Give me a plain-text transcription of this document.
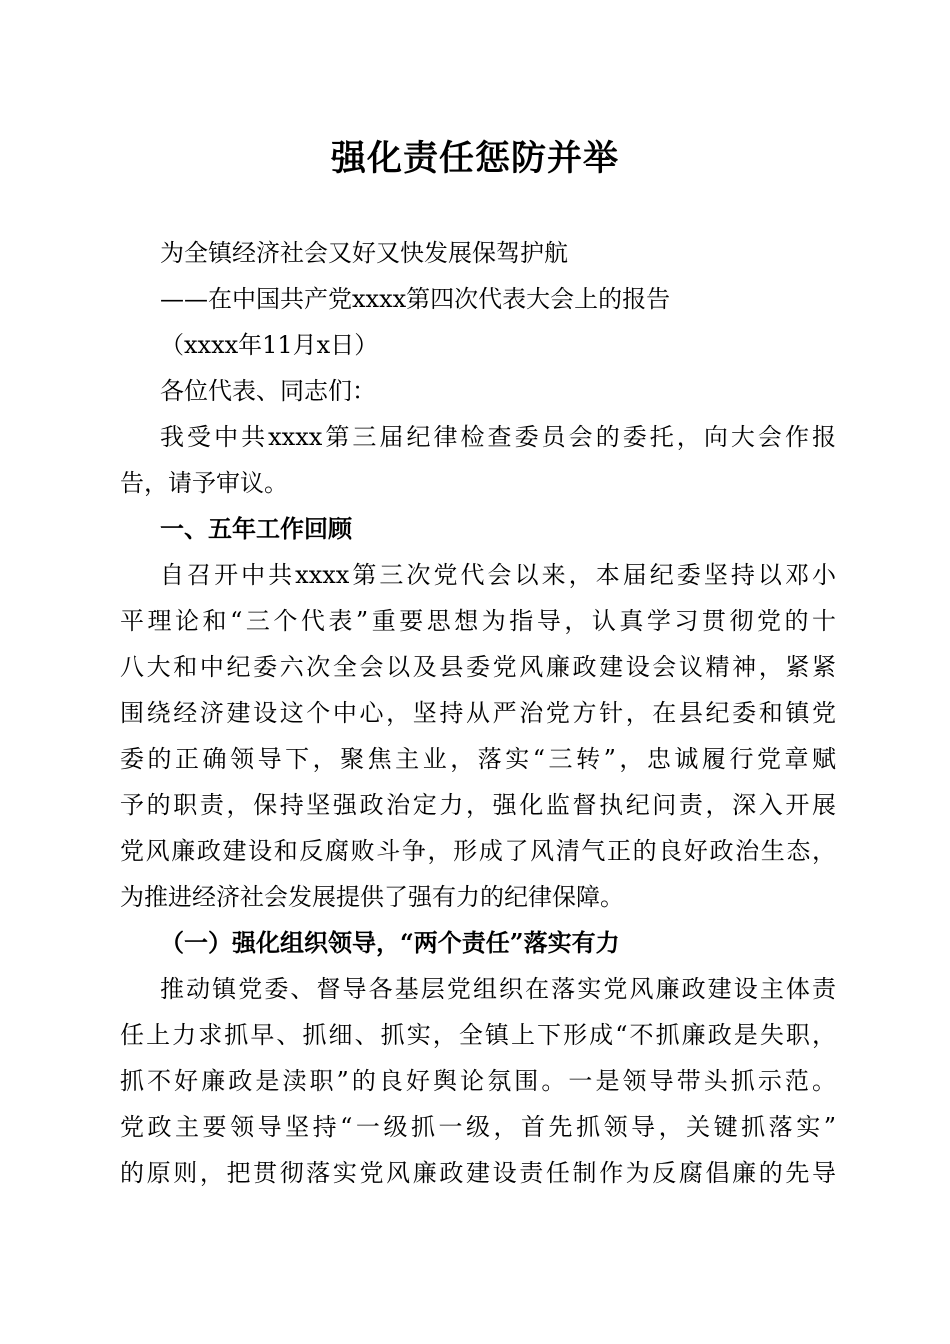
强化责任惩防并举
为全镇经济社会又好又快发展保驾护航
——在中国共产党xxxx第四次代表大会上的报告
（xxxx年11月x日）
各位代表、同志们：
我受中共xxxx第三届纪律检查委员会的委托，向大会作报
告，请予审议。
一、五年工作回顾
自召开中共xxxx第三次党代会以来，本届纪委坚持以邓小
平理论和“三个代表”重要思想为指导，认真学习贯彻党的十
八大和中纪委六次全会以及县委党风廉政建设会议精神，紧紧
围绕经济建设这个中心，坚持从严治党方针，在县纪委和镇党
委的正确领导下，聚焦主业，落实“三转”，忠诚履行党章赋
予的职责，保持坚强政治定力，强化监督执纪问责，深入开展
党风廉政建设和反腐败斗争，形成了风清气正的良好政治生态，
为推进经济社会发展提供了强有力的纪律保障。
（一）强化组织领导，“两个责任”落实有力
推动镇党委、督导各基层党组织在落实党风廉政建设主体责
任上力求抓早、抓细、抓实，全镇上下形成“不抓廉政是失职，
抓不好廉政是渎职”的良好舆论氛围。一是领导带头抓示范。
党政主要领导坚持“一级抓一级，首先抓领导，关键抓落实”
的原则，把贯彻落实党风廉政建设责任制作为反腐倡廉的先导
